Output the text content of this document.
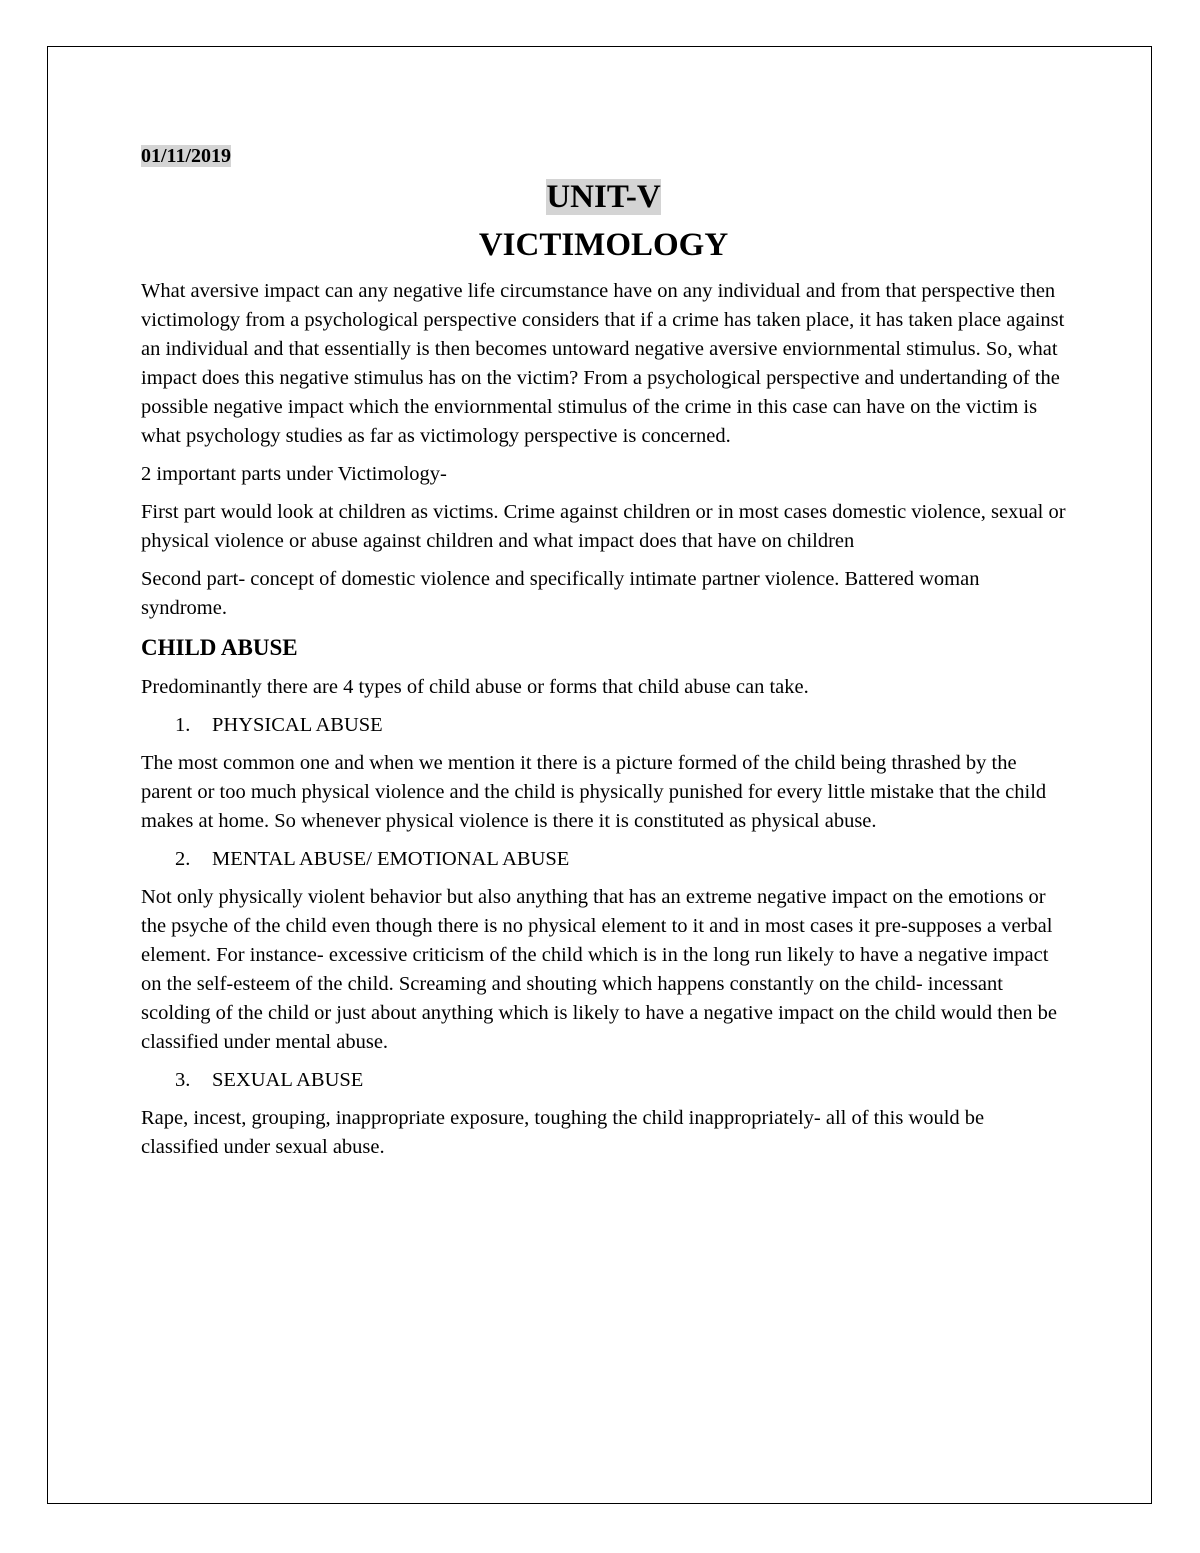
01/11/2019
UNIT-V
VICTIMOLOGY

What aversive impact can any negative life circumstance have on any individual and from that perspective then victimology from a psychological perspective considers that if a crime has taken place, it has taken place against an individual and that essentially is then becomes untoward negative aversive enviornmental stimulus. So, what impact does this negative stimulus has on the victim? From a psychological perspective and undertanding of the possible negative impact which the enviornmental stimulus of the crime in this case can have on the victim is what psychology studies as far as victimology perspective is concerned.

2 important parts under Victimology-

First part would look at children as victims. Crime against children or in most cases domestic violence, sexual or physical violence or abuse against children and what impact does that have on children

Second part- concept of domestic violence and specifically intimate partner violence. Battered woman syndrome.

CHILD ABUSE

Predominantly there are 4 types of child abuse or forms that child abuse can take.

1. PHYSICAL ABUSE

The most common one and when we mention it there is a picture formed of the child being thrashed by the parent or too much physical violence and the child is physically punished for every little mistake that the child makes at home. So whenever physical violence is there it is constituted as physical abuse.

2. MENTAL ABUSE/ EMOTIONAL ABUSE

Not only physically violent behavior but also anything that has an extreme negative impact on the emotions or the psyche of the child even though there is no physical element to it and in most cases it pre-supposes a verbal element. For instance- excessive criticism of the child which is in the long run likely to have a negative impact on the self-esteem of the child. Screaming and shouting which happens constantly on the child- incessant scolding of the child or just about anything which is likely to have a negative impact on the child would then be classified under mental abuse.

3. SEXUAL ABUSE

Rape, incest, grouping, inappropriate exposure, toughing the child inappropriately- all of this would be classified under sexual abuse.
